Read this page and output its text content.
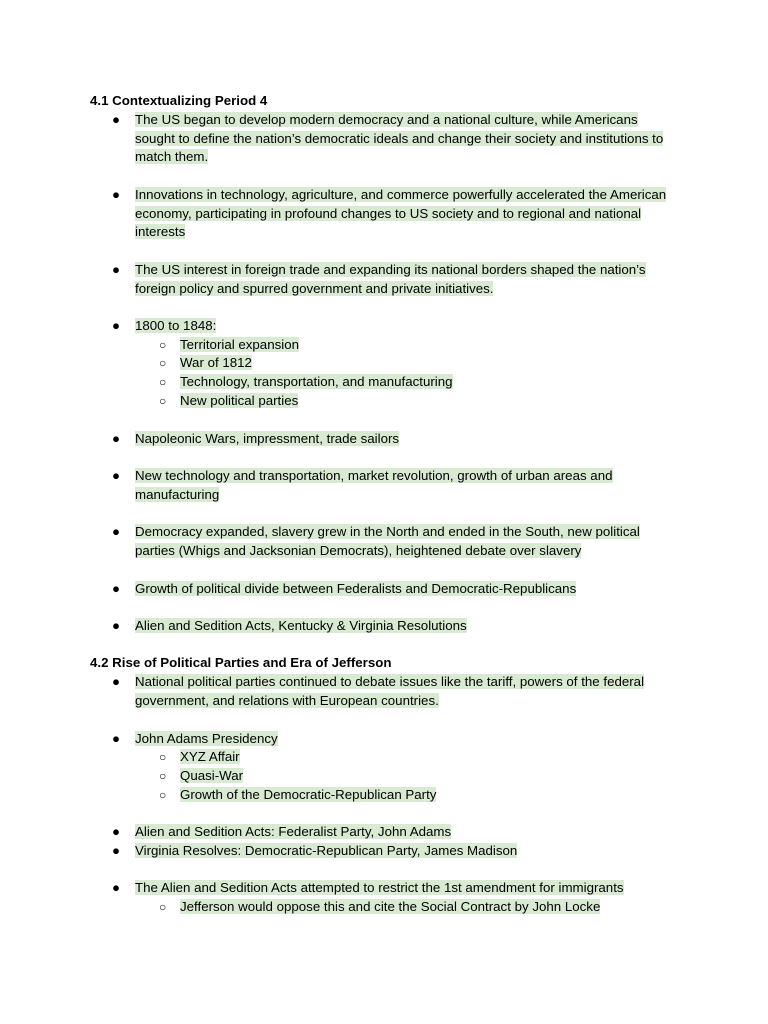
4.1 Contextualizing Period 4
● The US began to develop modern democracy and a national culture, while Americans sought to define the nation’s democratic ideals and change their society and institutions to match them.
● Innovations in technology, agriculture, and commerce powerfully accelerated the American economy, participating in profound changes to US society and to regional and national interests
● The US interest in foreign trade and expanding its national borders shaped the nation’s foreign policy and spurred government and private initiatives.
● 1800 to 1848:
○ Territorial expansion
○ War of 1812
○ Technology, transportation, and manufacturing
○ New political parties
● Napoleonic Wars, impressment, trade sailors
● New technology and transportation, market revolution, growth of urban areas and manufacturing
● Democracy expanded, slavery grew in the North and ended in the South, new political parties (Whigs and Jacksonian Democrats), heightened debate over slavery
● Growth of political divide between Federalists and Democratic-Republicans
● Alien and Sedition Acts, Kentucky & Virginia Resolutions
4.2 Rise of Political Parties and Era of Jefferson
● National political parties continued to debate issues like the tariff, powers of the federal government, and relations with European countries.
● John Adams Presidency
○ XYZ Affair
○ Quasi-War
○ Growth of the Democratic-Republican Party
● Alien and Sedition Acts: Federalist Party, John Adams
● Virginia Resolves: Democratic-Republican Party, James Madison
● The Alien and Sedition Acts attempted to restrict the 1st amendment for immigrants
○ Jefferson would oppose this and cite the Social Contract by John Locke
